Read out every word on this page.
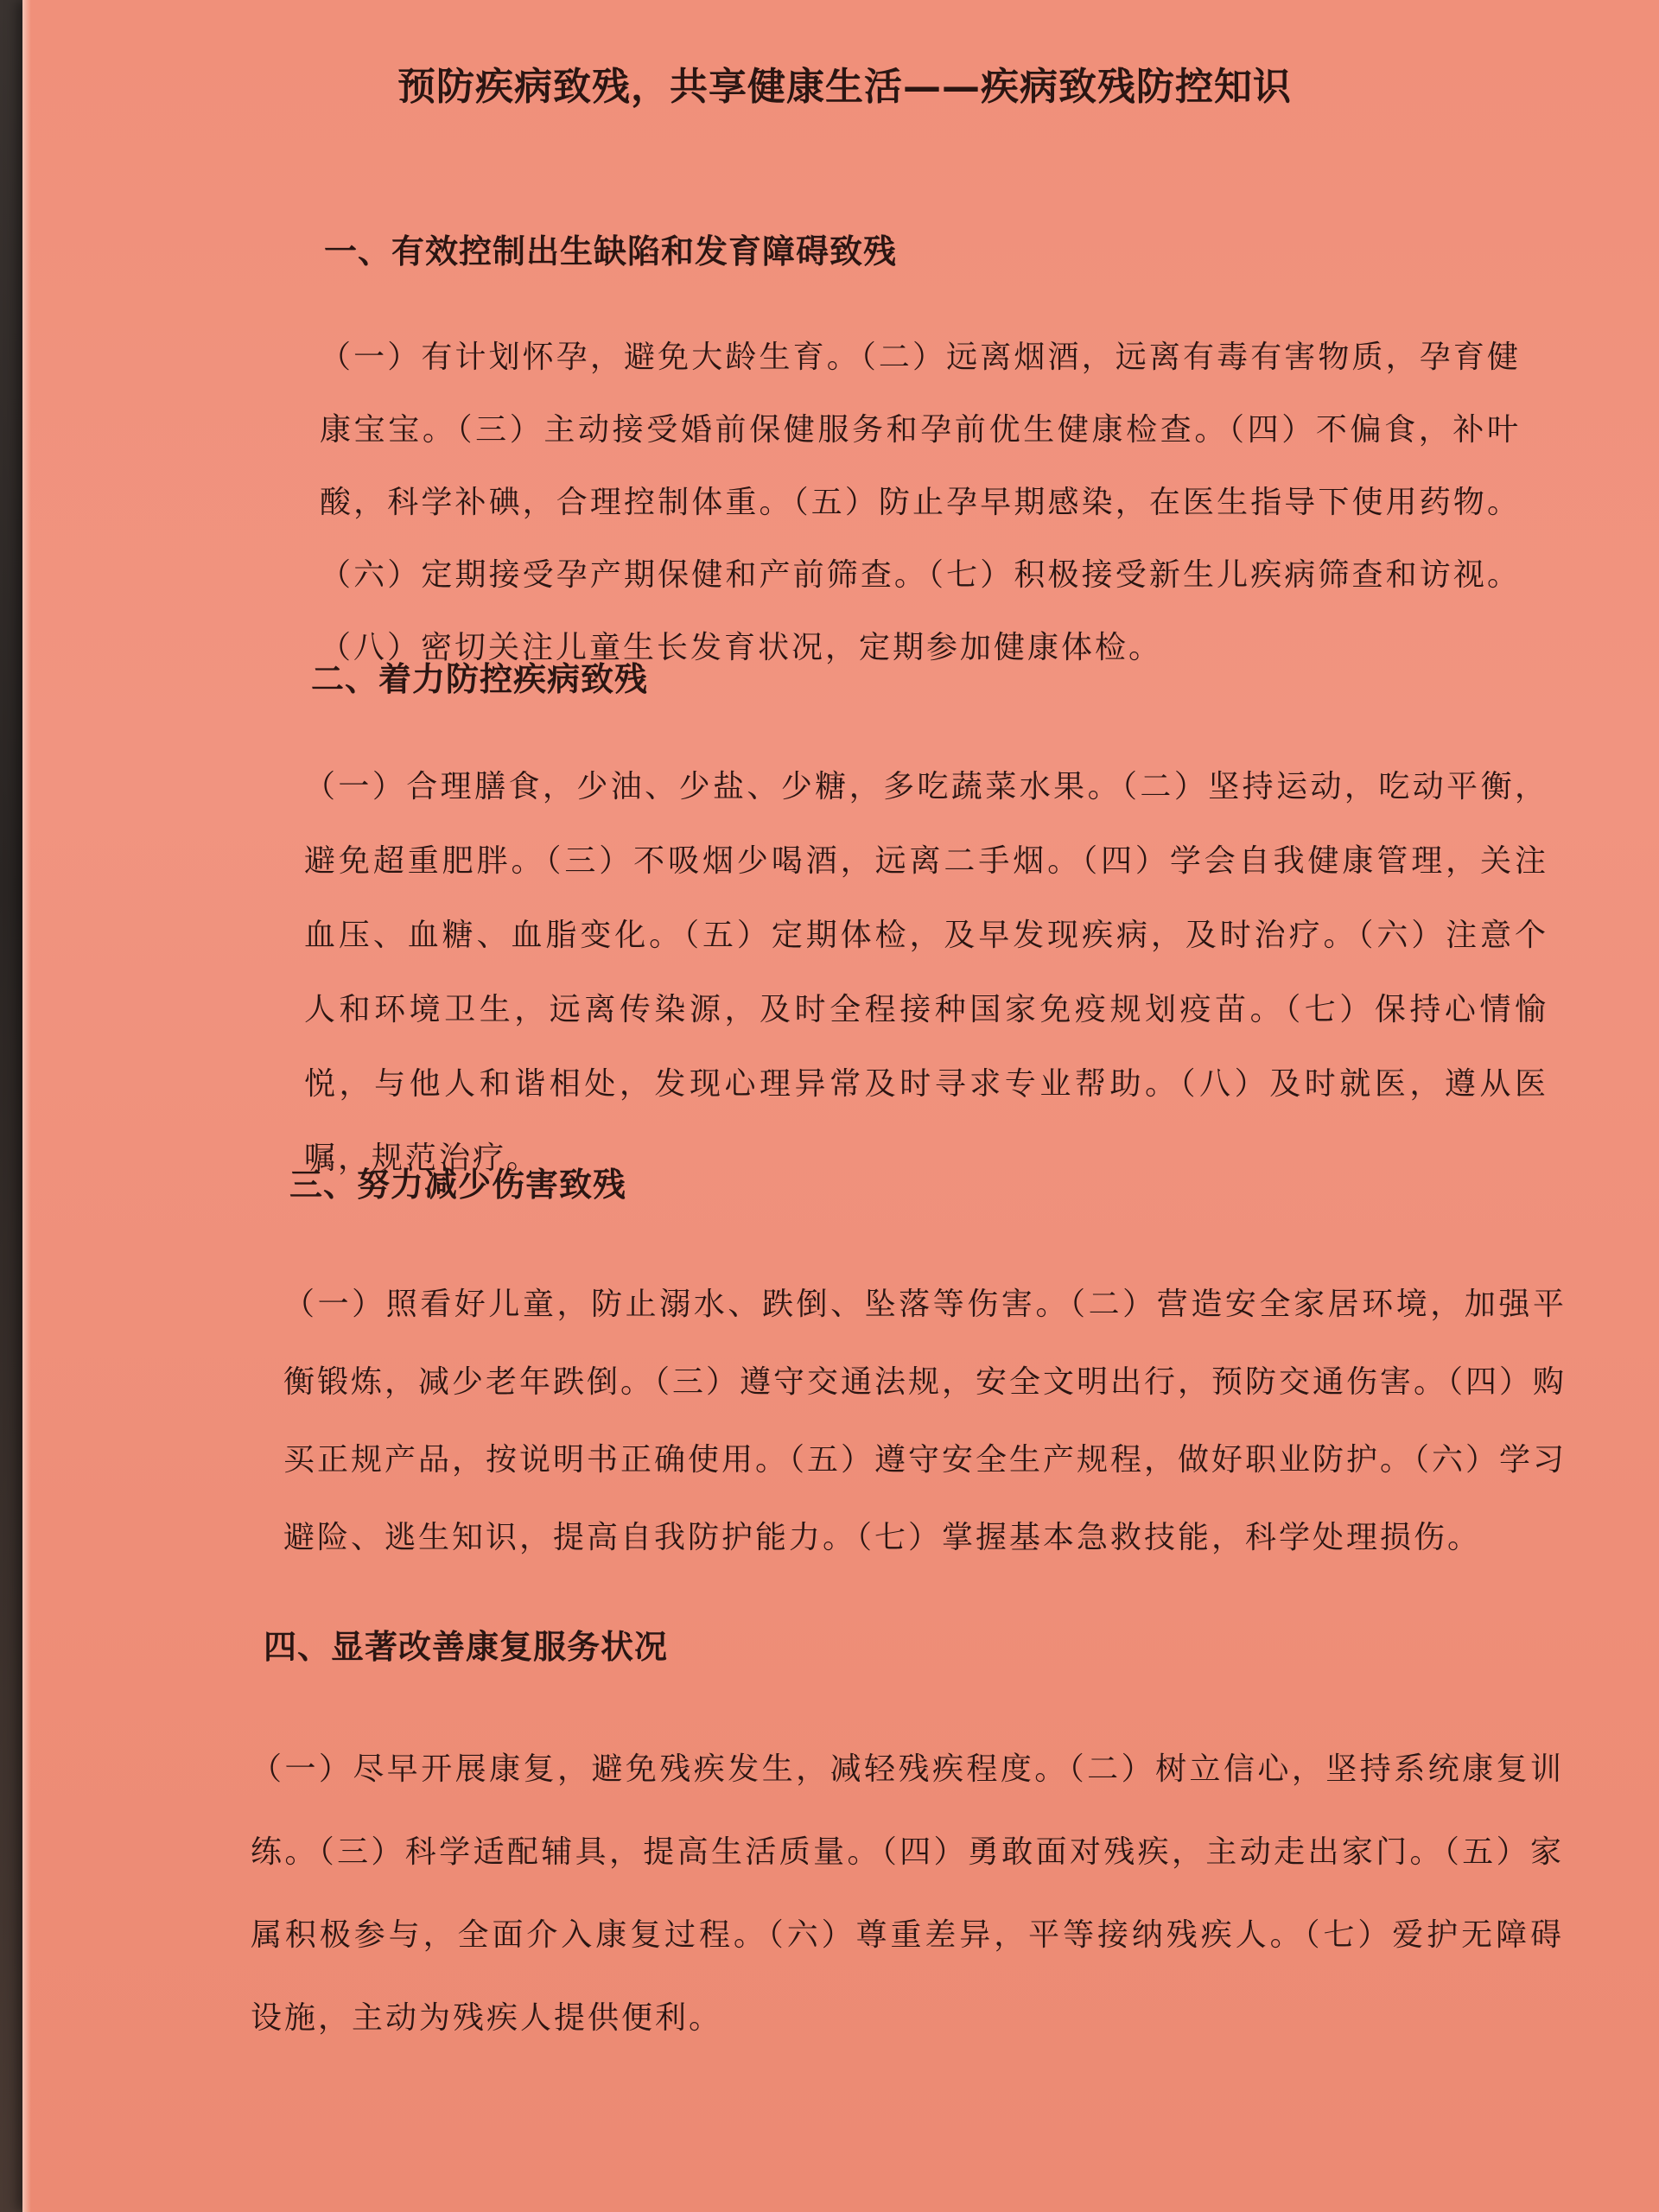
预防疾病致残，共享健康生活——疾病致残防控知识
一、有效控制出生缺陷和发育障碍致残

（一）有计划怀孕，避免大龄生育。（二）远离烟酒，远离有毒有害物质，孕育健康宝宝。（三）主动接受婚前保健服务和孕前优生健康检查。（四）不偏食，补叶酸，科学补碘，合理控制体重。（五）防止孕早期感染，在医生指导下使用药物。（六）定期接受孕产期保健和产前筛查。（七）积极接受新生儿疾病筛查和访视。（八）密切关注儿童生长发育状况，定期参加健康体检。

二、着力防控疾病致残

（一）合理膳食，少油、少盐、少糖，多吃蔬菜水果。（二）坚持运动，吃动平衡，避免超重肥胖。（三）不吸烟少喝酒，远离二手烟。（四）学会自我健康管理，关注血压、血糖、血脂变化。（五）定期体检，及早发现疾病，及时治疗。（六）注意个人和环境卫生，远离传染源，及时全程接种国家免疫规划疫苗。（七）保持心情愉悦，与他人和谐相处，发现心理异常及时寻求专业帮助。（八）及时就医，遵从医嘱，规范治疗。

三、努力减少伤害致残

（一）照看好儿童，防止溺水、跌倒、坠落等伤害。（二）营造安全家居环境，加强平衡锻炼，减少老年跌倒。（三）遵守交通法规，安全文明出行，预防交通伤害。（四）购买正规产品，按说明书正确使用。（五）遵守安全生产规程，做好职业防护。（六）学习避险、逃生知识，提高自我防护能力。（七）掌握基本急救技能，科学处理损伤。

四、显著改善康复服务状况

（一）尽早开展康复，避免残疾发生，减轻残疾程度。（二）树立信心，坚持系统康复训练。（三）科学适配辅具，提高生活质量。（四）勇敢面对残疾，主动走出家门。（五）家属积极参与，全面介入康复过程。（六）尊重差异，平等接纳残疾人。（七）爱护无障碍设施，主动为残疾人提供便利。
